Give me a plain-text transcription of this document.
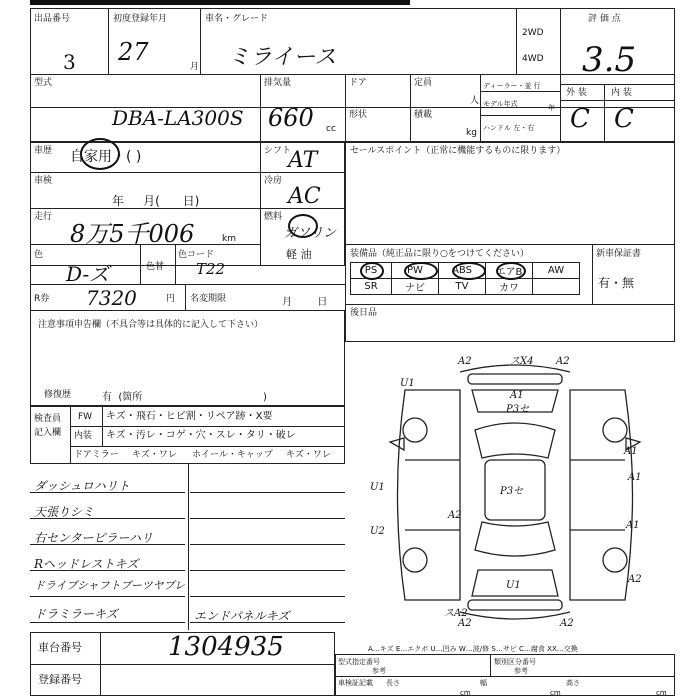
出品番号
3
初度登録年月
27
月
車名・グレード
ミライース
2WD
4WD
評 価 点
3.5
外 装	内 装
C C
型式
DBA-LA300S
排気量
660 cc
ドア
形状
定員
人
積載
kg
ディーラー・並 行
モデル年式	年
ハンドル 左・右
車歴 自家用・( )	シフト
AT
車検
年     月(      日)
冷房
AC
走行
8万5千006	km
燃料
ガソリン
軽 油
色
D-ズ	色替
色コード
T22
R券 7320	円 名変期限	月        日
セールスポイント（正常に機能するものに限ります）
装備品（純正品に限り○をつけてください）	新車保証書
有・無
PS	PW	ABS	エアB	AW
SR	ナビ	TV	カワ	
後日品
注意事項申告欄（不具合等は具体的に記入して下さい）
修復歴	有  (箇所                                      )
検査員
記入欄
FW キズ・飛石・ヒビ割・リペア跡・X要
内装 キズ・汚レ・コゲ・穴・スレ・タリ・破レ
ドアミラー キズ・ワレ ホイール・キャップ キズ・ワレ
ダッシュロハリト
天張りシミ
右センターピラーハリ
Rヘッドレストキズ
ドライブシャフトブーツヤブレ
ドラミラーキズ	エンドパネルキズ
A2	スX4 A2
U1
A1
P3セ
A1
A1
A1
U1	P3セ
A2
U2
A2
U1
A2
A2
スA2
A…キズ E…エクボ U…凹み W…波/修 S…サビ C…腐食 XX…交換
車台番号	1304935
登録番号
型式指定番号
参考
類別区分番号
参考
車検証記載 長さ
cm
幅
cm
高さ
cm
